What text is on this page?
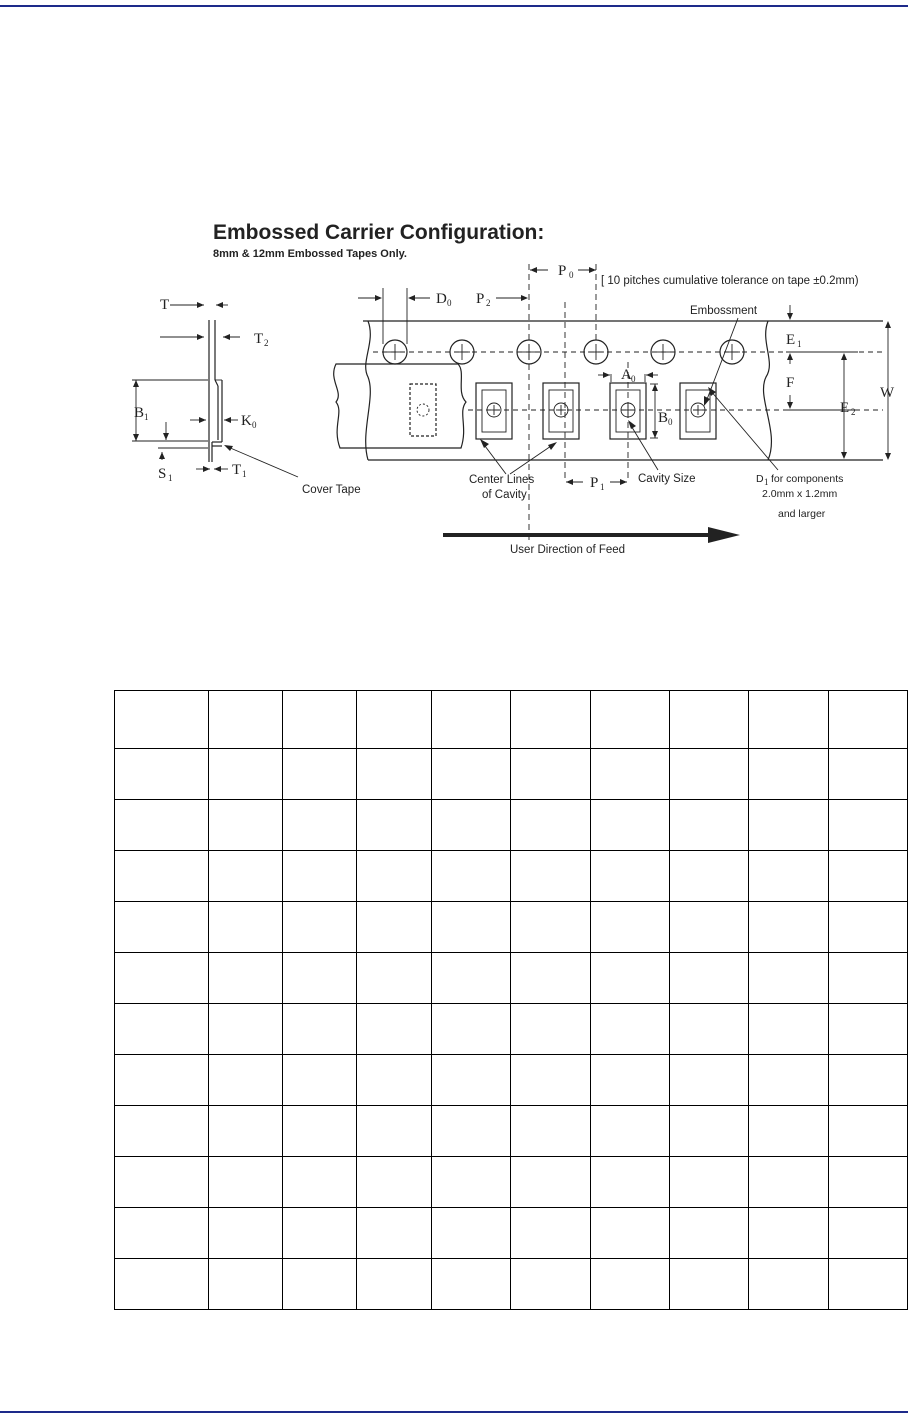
Embossed Carrier Configuration:
8mm & 12mm Embossed Tapes Only.
[ 10 pitches cumulative tolerance on tape ±0.2mm)
T
T 2
B 1	K 0
S 1	T 1
Cover Tape
D 0 P 2
P 0
A 0
B 0
P 1
Center Lines
of Cavity
Cavity Size
Embossment
D 1 for components
2.0mm x 1.2mm
and larger
E 1
F
E 2
W
User Direction of Feed
